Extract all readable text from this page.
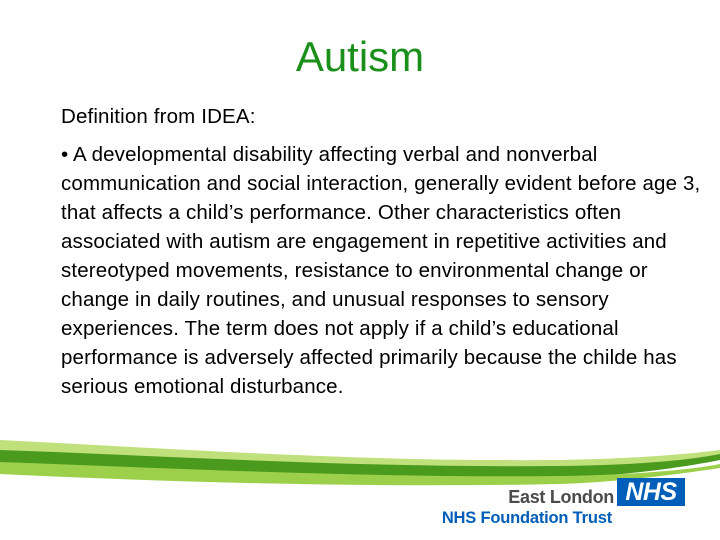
Autism

Definition from IDEA:

• A developmental disability affecting verbal and nonverbal communication and social interaction, generally evident before age 3, that affects a child’s performance. Other characteristics often associated with autism are engagement in repetitive activities and stereotyped movements, resistance to environmental change or change in daily routines, and unusual responses to sensory experiences. The term does not apply if a child’s educational performance is adversely affected primarily because the childe has serious emotional disturbance.

East London NHS
NHS Foundation Trust
